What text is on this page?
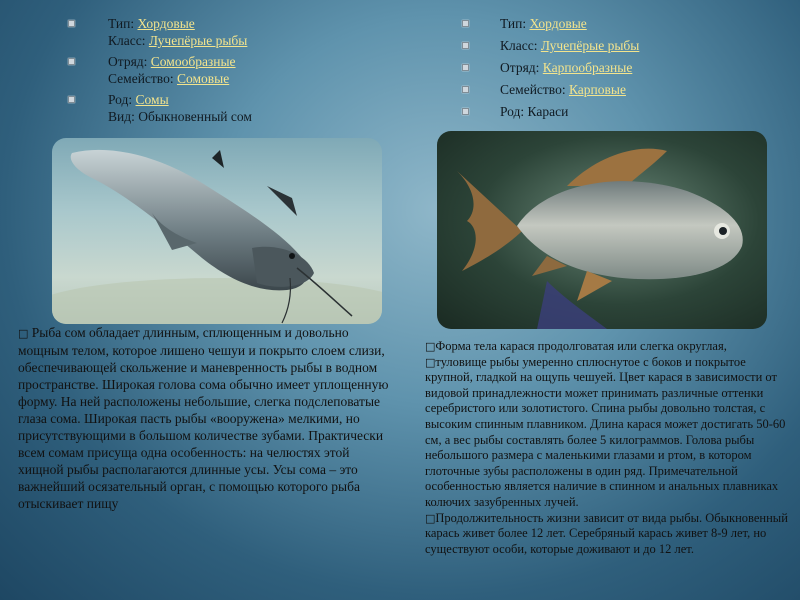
Тип: Хордовые
Класс: Лучепёрые рыбы
Отряд: Сомообразные
Семейство: Сомовые
Род: Сомы
Вид: Обыкновенный сом
Тип: Хордовые
Класс: Лучепёрые рыбы
Отряд: Карпообразные
Семейство: Карповые
Род: Караси

□ Рыба сом обладает длинным, сплющенным и довольно мощным телом, которое лишено чешуи и покрыто слоем слизи, обеспечивающей скольжение и маневренность рыбы в водном пространстве. Широкая голова сома обычно имеет уплощенную форму. На ней расположены небольшие, слегка подслеповатые глаза сома. Широкая пасть рыбы «вооружена» мелкими, но присутствующими в большом количестве зубами. Практически всем сомам присуща одна особенность: на челюстях этой хищной рыбы располагаются длинные усы. Усы сома – это важнейший осязательный орган, с помощью которого рыба отыскивает пищу

□Форма тела карася продолговатая или слегка округлая,

□туловище рыбы умеренно сплюснутое с боков и покрытое крупной, гладкой на ощупь чешуей. Цвет карася в зависимости от видовой принадлежности может принимать различные оттенки серебристого или золотистого. Спина рыбы довольно толстая, с высоким спинным плавником. Длина карася может достигать 50-60 см, а вес рыбы составлять более 5 килограммов. Голова рыбы небольшого размера с маленькими глазами и ртом, в котором глоточные зубы расположены в один ряд. Примечательной особенностью является наличие в спинном и анальных плавниках колючих зазубренных лучей.

□Продолжительность жизни зависит от вида рыбы. Обыкновенный карась живет более 12 лет. Серебряный карась живет 8-9 лет, но существуют особи, которые доживают и до 12 лет.
